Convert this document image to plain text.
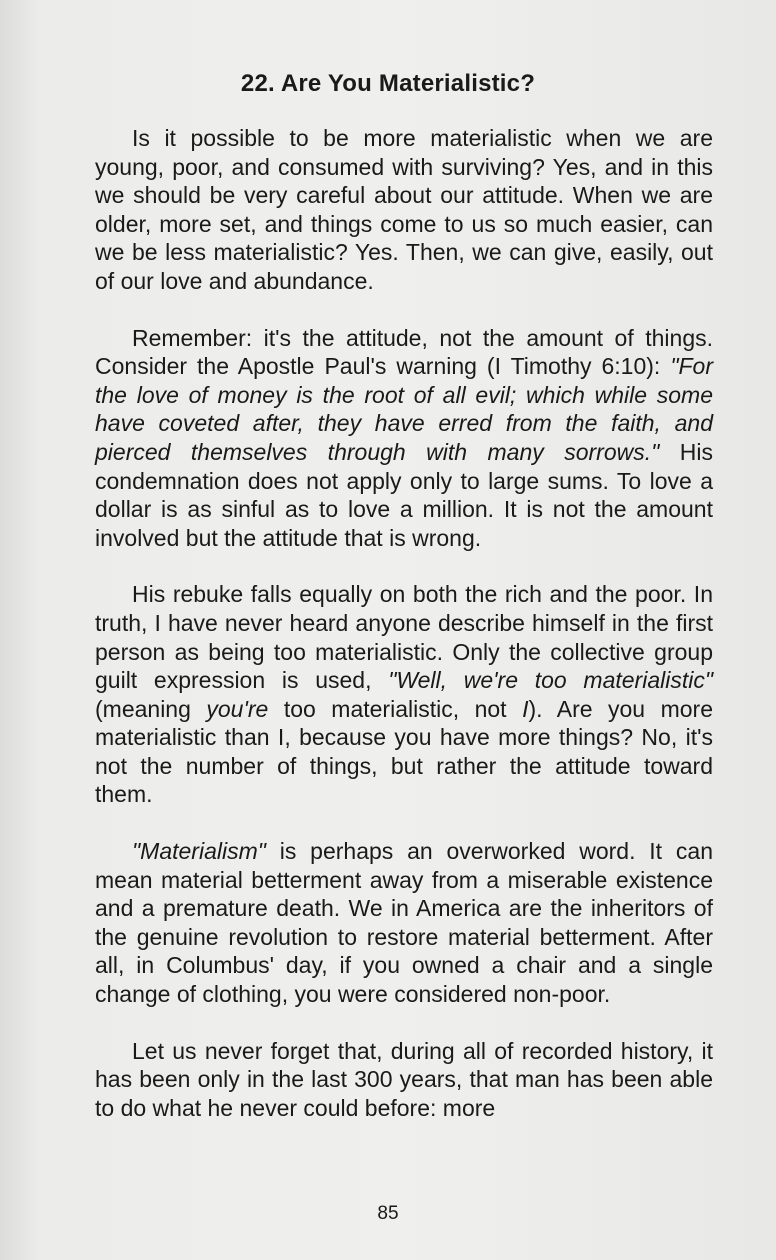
22. Are You Materialistic?

Is it possible to be more materialistic when we are young, poor, and consumed with surviving? Yes, and in this we should be very careful about our attitude. When we are older, more set, and things come to us so much easier, can we be less materialistic? Yes. Then, we can give, easily, out of our love and abundance.

Remember: it's the attitude, not the amount of things. Consider the Apostle Paul's warning (I Timothy 6:10): "For the love of money is the root of all evil; which while some have coveted after, they have erred from the faith, and pierced themselves through with many sorrows." His condemnation does not apply only to large sums. To love a dollar is as sinful as to love a million. It is not the amount involved but the attitude that is wrong.

His rebuke falls equally on both the rich and the poor. In truth, I have never heard anyone describe himself in the first person as being too materialistic. Only the collective group guilt expression is used, "Well, we're too materialistic" (meaning you're too materialistic, not I). Are you more materialistic than I, because you have more things? No, it's not the number of things, but rather the attitude toward them.

"Materialism" is perhaps an overworked word. It can mean material betterment away from a miserable existence and a premature death. We in America are the inheritors of the genuine revolution to restore material betterment. After all, in Columbus' day, if you owned a chair and a single change of clothing, you were considered non-poor.

Let us never forget that, during all of recorded history, it has been only in the last 300 years, that man has been able to do what he never could before: more

85
